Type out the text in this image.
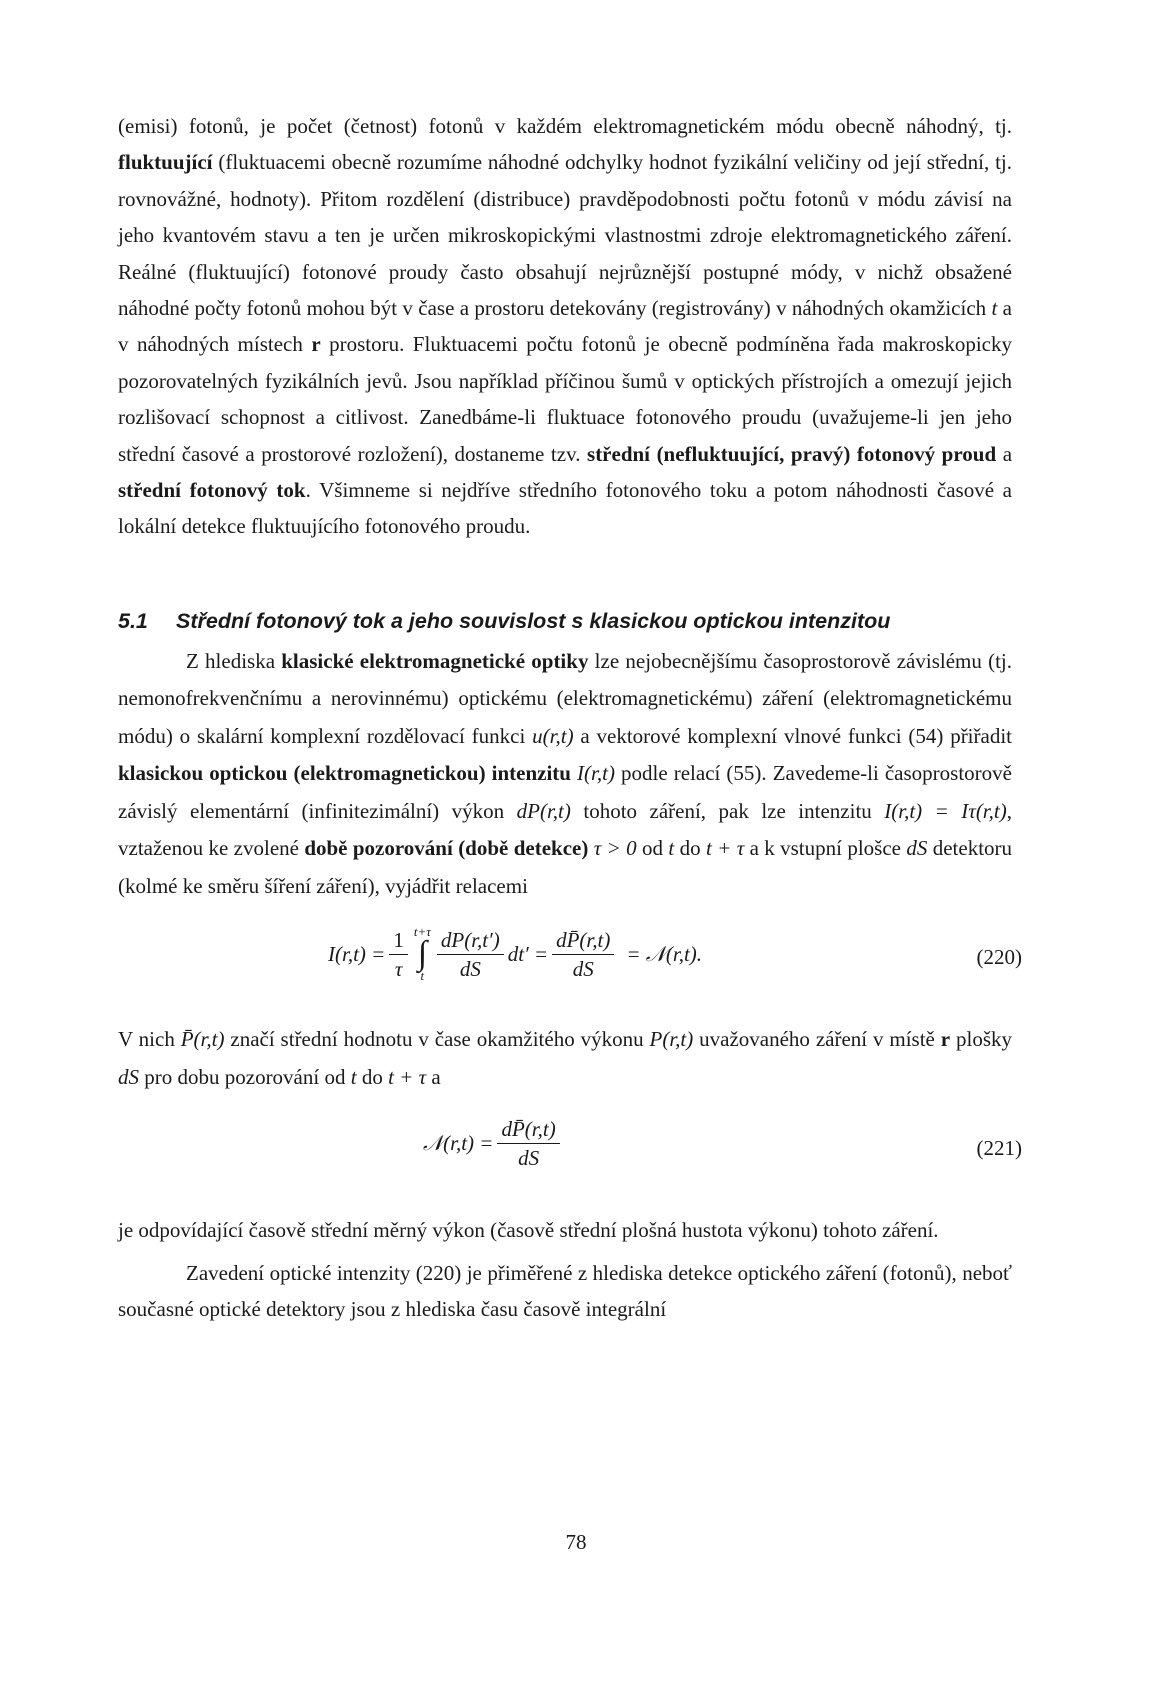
(emisi) fotonů, je počet (četnost) fotonů v každém elektromagnetickém módu obecně náhodný, tj. fluktuující (fluktuacemi obecně rozumíme náhodné odchylky hodnot fyzikální veličiny od její střední, tj. rovnovážné, hodnoty). Přitom rozdělení (distribuce) pravděpodobnosti počtu fotonů v módu závisí na jeho kvantovém stavu a ten je určen mikroskopickými vlastnostmi zdroje elektromagnetického záření. Reálné (fluktuující) fotonové proudy často obsahují nejrůznější postupné módy, v nichž obsažené náhodné počty fotonů mohou být v čase a prostoru detekovány (registrovány) v náhodných okamžicích t a v náhodných místech r prostoru. Fluktuacemi počtu fotonů je obecně podmíněna řada makroskopicky pozorovatelných fyzikálních jevů. Jsou například příčinou šumů v optických přístrojích a omezují jejich rozlišovací schopnost a citlivost. Zanedbáme-li fluktuace fotonového proudu (uvažujeme-li jen jeho střední časové a prostorové rozložení), dostaneme tzv. střední (nefluktuující, pravý) fotonový proud a střední fotonový tok. Všimneme si nejdříve středního fotonového toku a potom náhodnosti časové a lokální detekce fluktuujícího fotonového proudu.

5.1 Střední fotonový tok a jeho souvislost s klasickou optickou intenzitou

Z hlediska klasické elektromagnetické optiky lze nejobecnějšímu časoprostorově závislému (tj. nemonofrekvenčnímu a nerovinnému) optickému (elektromagnetickému) záření (elektromagnetickému módu) o skalární komplexní rozdělovací funkci u(r,t) a vektorové komplexní vlnové funkci (54) přiřadit klasickou optickou (elektromagnetickou) intenzitu I(r,t) podle relací (55). Zavedeme-li časoprostorově závislý elementární (infinitezimální) výkon dP(r,t) tohoto záření, pak lze intenzitu I(r,t) = Iτ(r,t), vztaženou ke zvolené době pozorování (době detekce) τ > 0 od t do t + τ a k vstupní plošce dS detektoru (kolmé ke směru šíření záření), vyjádřit relacemi

$I(r,t) = \frac{1}{\tau} t+\tau$
∫
t $\frac{dP(r,t')}{dS} dt' = \frac{dP̄(r,t)}{dS}$ = 𝒩(r,t).	(220)

V nich P̄(r,t) značí střední hodnotu v čase okamžitého výkonu P(r,t) uvažovaného záření v místě r plošky dS pro dobu pozorování od t do t + τ a

𝒩(r,t) = $\frac{dP̄(r,t)}{dS}$	(221)

je odpovídající časově střední měrný výkon (časově střední plošná hustota výkonu) tohoto záření.

Zavedení optické intenzity (220) je přiměřené z hlediska detekce optického záření (fotonů), neboť současné optické detektory jsou z hlediska času časově integrální

78
